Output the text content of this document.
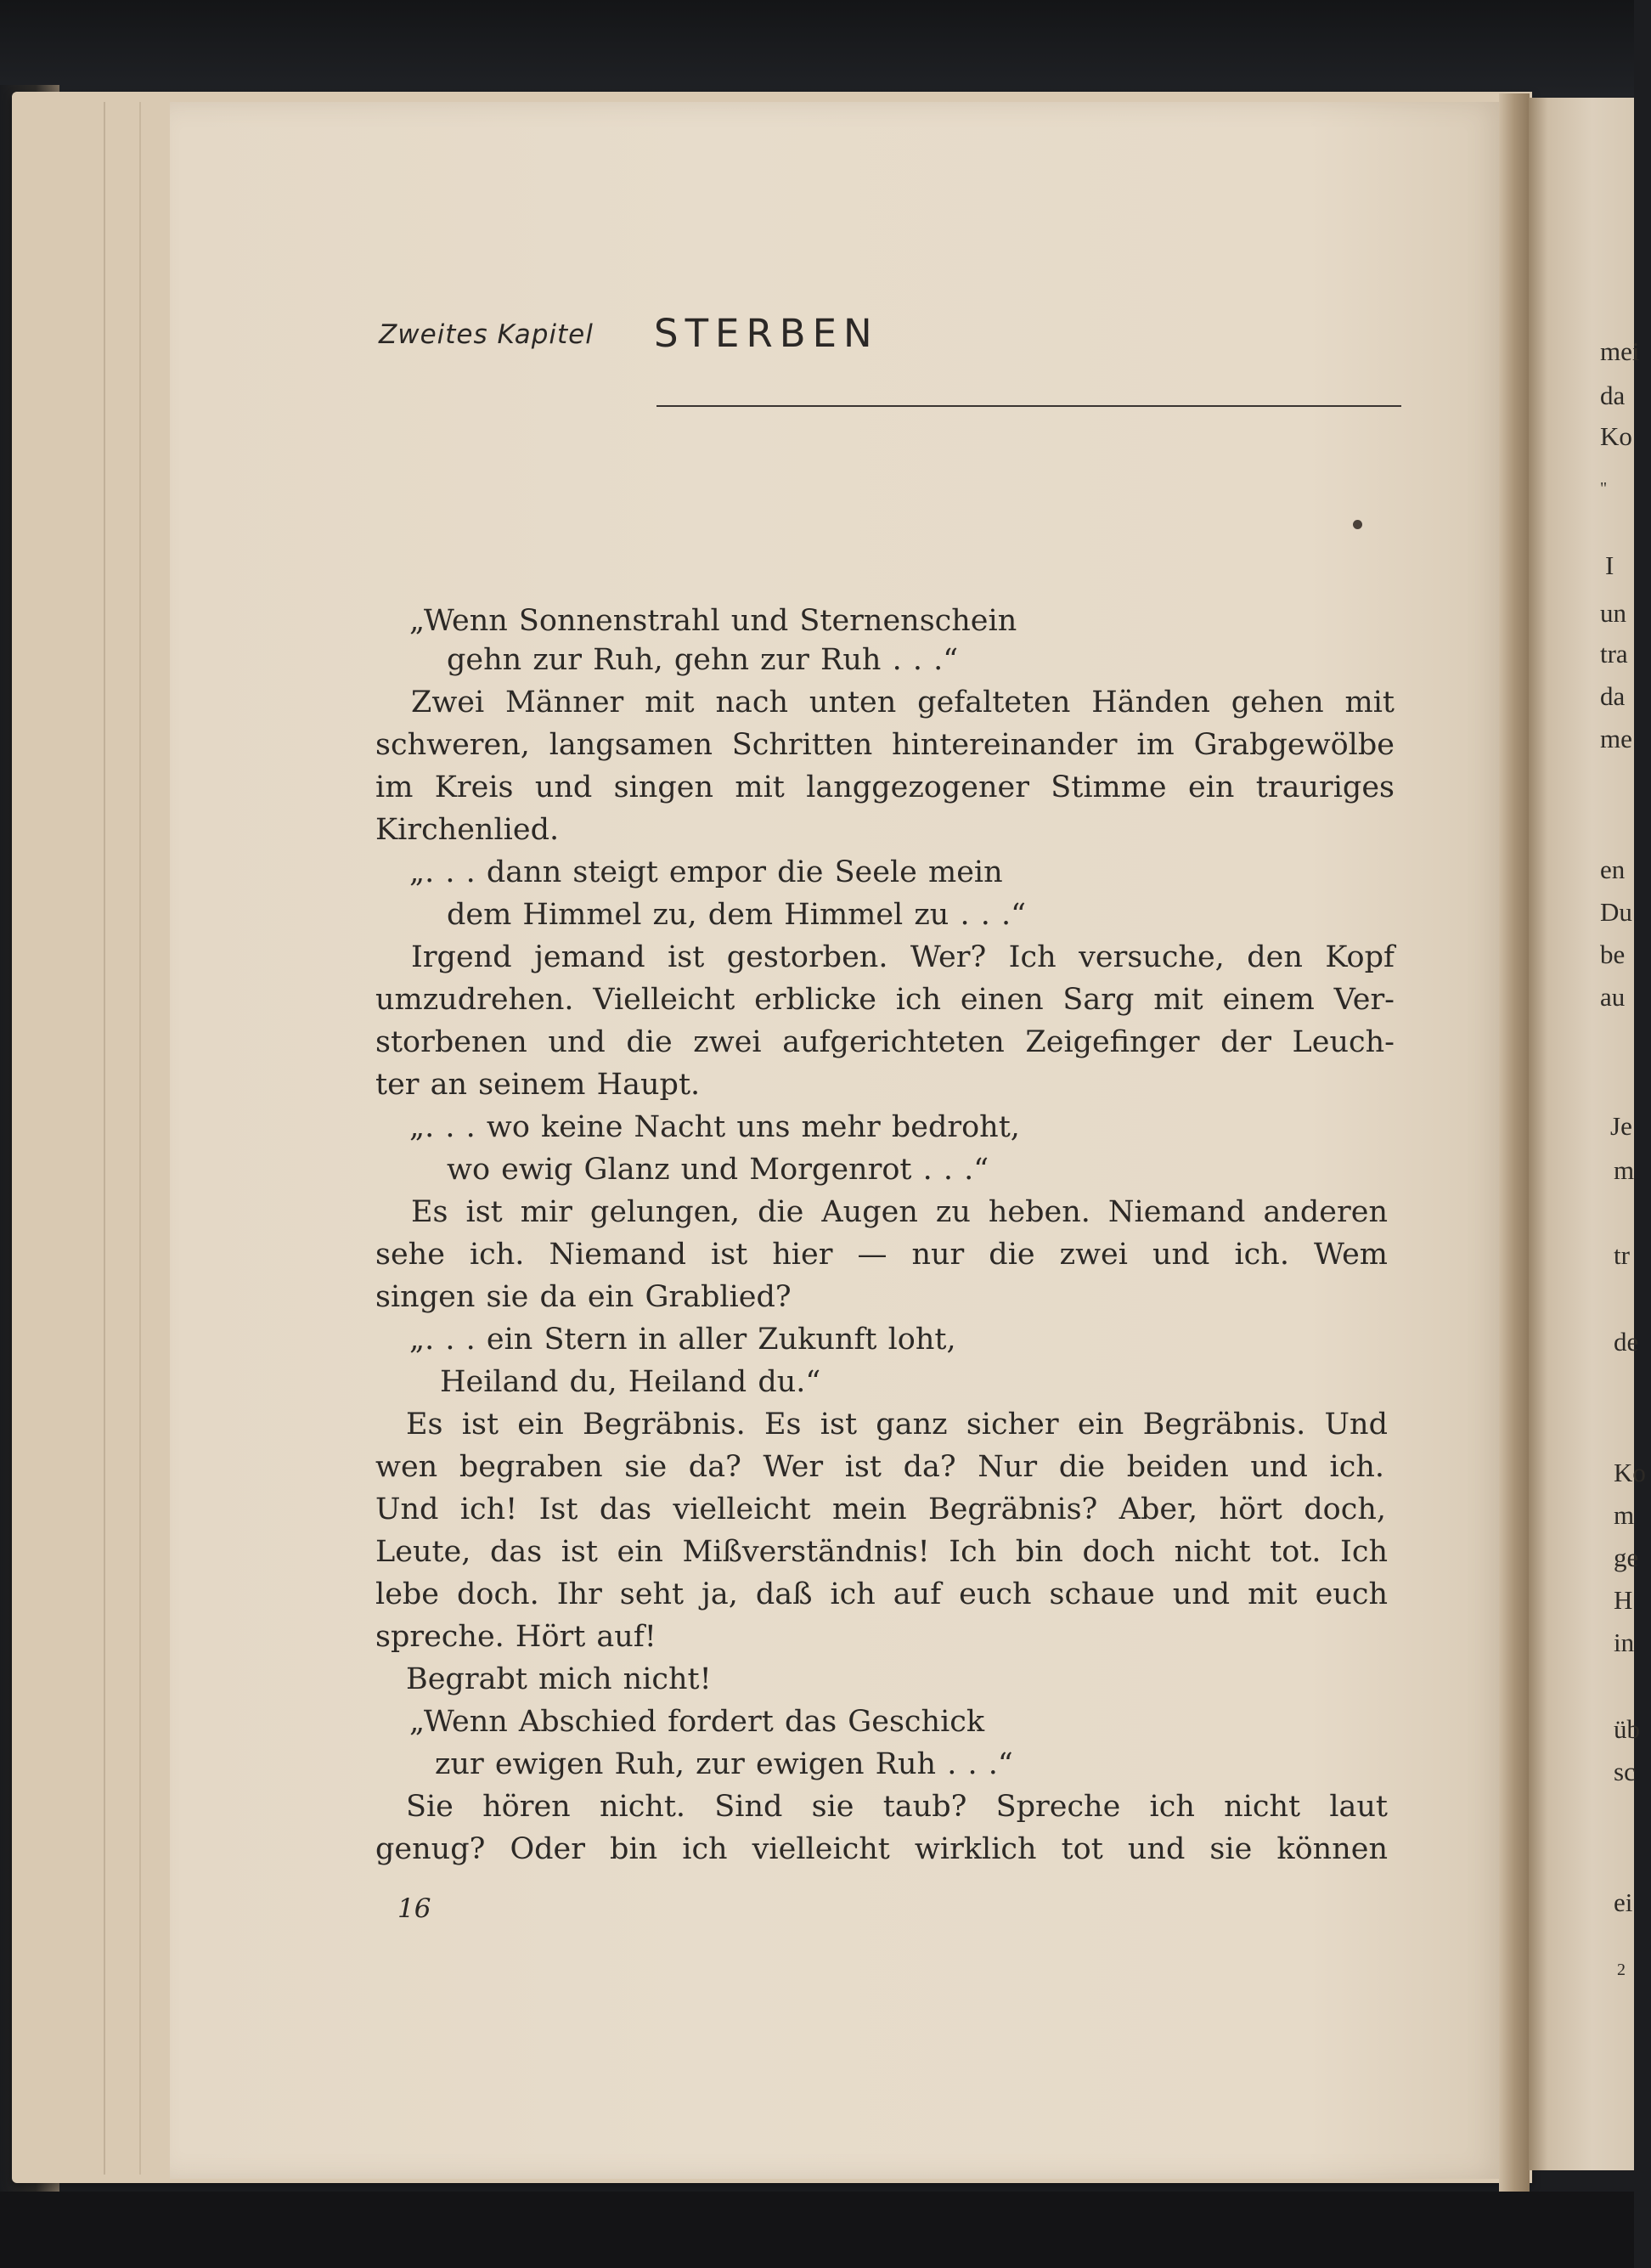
mei
da
Ko
"
I
un
tra
da
me
en
Du
be
au
Je
m
tr
de
Ko
m
ge
H
in
üb
sc
ei
2
Zweites Kapitel STERBEN
„Wenn Sonnenstrahl und Sternenschein
gehn zur Ruh, gehn zur Ruh . . .“
Zwei Männer mit nach unten gefalteten Händen gehen mit
schweren, langsamen Schritten hintereinander im Grabgewölbe
im Kreis und singen mit langgezogener Stimme ein trauriges
Kirchenlied.
„. . . dann steigt empor die Seele mein
dem Himmel zu, dem Himmel zu . . .“
Irgend jemand ist gestorben. Wer? Ich versuche, den Kopf
umzudrehen. Vielleicht erblicke ich einen Sarg mit einem Ver-
storbenen und die zwei aufgerichteten Zeigefinger der Leuch-
ter an seinem Haupt.
„. . . wo keine Nacht uns mehr bedroht,
wo ewig Glanz und Morgenrot . . .“
Es ist mir gelungen, die Augen zu heben. Niemand anderen
sehe ich. Niemand ist hier — nur die zwei und ich. Wem
singen sie da ein Grablied?
„. . . ein Stern in aller Zukunft loht,
Heiland du, Heiland du.“
Es ist ein Begräbnis. Es ist ganz sicher ein Begräbnis. Und
wen begraben sie da? Wer ist da? Nur die beiden und ich.
Und ich! Ist das vielleicht mein Begräbnis? Aber, hört doch,
Leute, das ist ein Mißverständnis! Ich bin doch nicht tot. Ich
lebe doch. Ihr seht ja, daß ich auf euch schaue und mit euch
spreche. Hört auf!
Begrabt mich nicht!
„Wenn Abschied fordert das Geschick
zur ewigen Ruh, zur ewigen Ruh . . .“
Sie hören nicht. Sind sie taub? Spreche ich nicht laut
genug? Oder bin ich vielleicht wirklich tot und sie können
16
